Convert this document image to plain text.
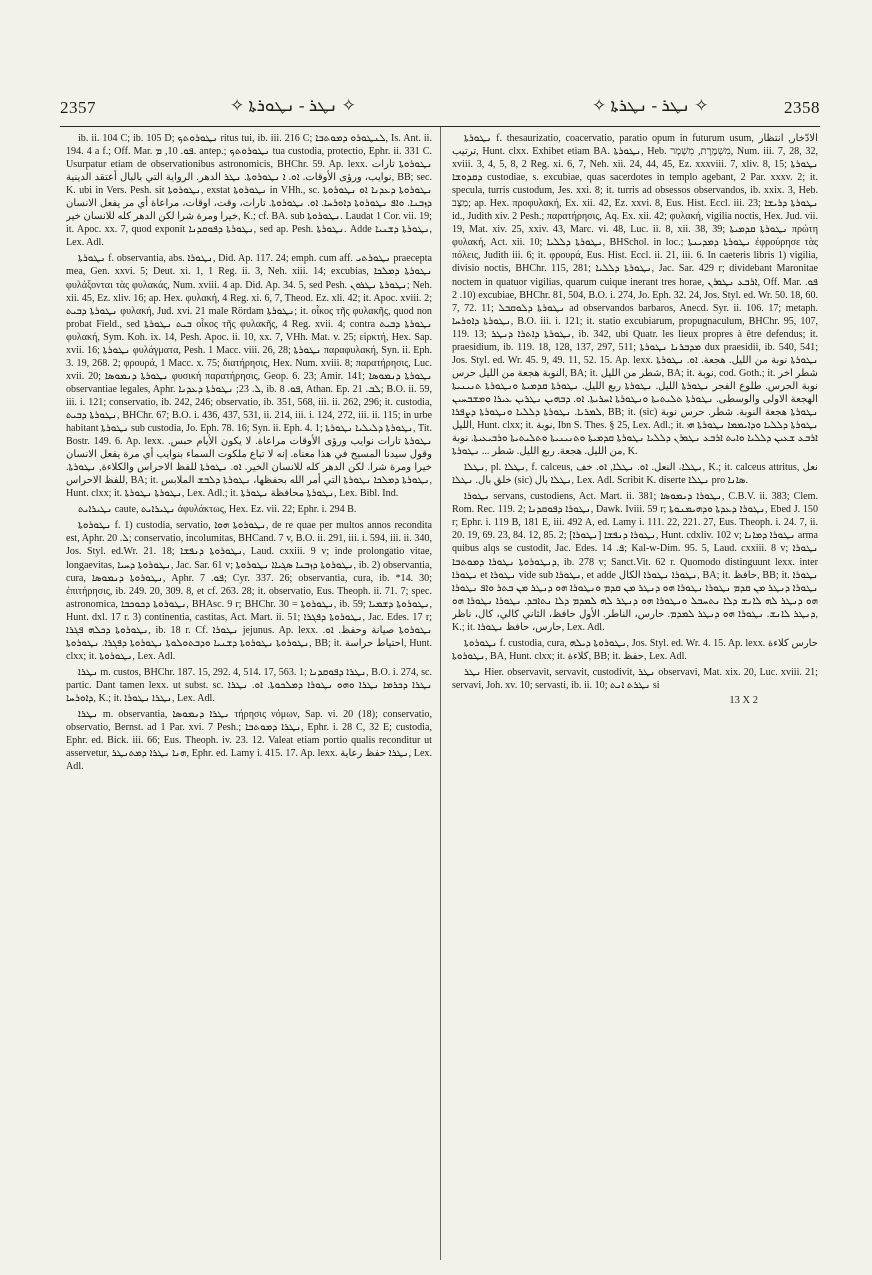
2357	✧ ܢܛܪ ‐ ܢܛܘܪܬܐ ✧	✧ ܢܛܪ ‐ ܢܛܪܬܐ ✧	2358

ib. ii. 104 C; ib. 105 D; ܢܛܘܪܘܬܟ ritus tui, ib. iii. 216 C; ܠܢܛܘܪܘ ܕܡܘܬܒܐ, Is. Ant. ii. 194. 4 a f.; Off. Mar. ܦܘ. 10, ܡ. antep.; ܢܛܘܪܘܬܟ tua custodia, protectio, Ephr. ii. 331 C. Usurpatur etiam de observationibus astronomicis, BHChr. 59. Ap. lexx. ܢܛܘܪܘܬܐ تارات نوايب، ورؤى الأوقات. ܐܘ. ܐ ܢܛܘܪܘܬܐ. ܢܛܪ الدهر. الرواية التي بالبال أعتقد الدينية, BB; sec. K. ubi in Vers. Pesh. sit ܢܛܘܪܘܬܐ, exstat ܢܛܘܪܘܬܐ in VHh., sc. ܢܛܘܪܘܬܐ ܕܥܕܢܐ ܐܘ ܢܛܘܪܘܬܐ ܕܙܒܢܐ. ܘܐܦ ܢܛܘܪܘܬܐ ܕܐܘܪܚܐ. ܐܘ. ܢܛܘܪܘܬܐ. تارات، وقت، اوقات، مراعاة أي مر يفعل الانسان خيرا ومرة شرا لكن الدهر كله للانسان خير, K.; cf. BA. sub ܢܛܘܪܘܬܐ. Laudat 1 Cor. vii. 19; it. Apoc. xx. 7, quod exponit ܢܛܘܪܬܐ ܕܦܘܩܕܢܐ, sed ap. Pesh. ܢܛܘܪܬܐ. Adde ܢܛܘܪܬܐ ܕܫܢܝܐ, Lex. Adl.

ܢܛܘܪܬܐ f. observantia, abs. ܢܛܘܪܐ, Did. Ap. 117. 24; emph. cum aff. ܢܛܘܪܬܝ praecepta mea, Gen. xxvi. 5; Deut. xi. 1, 1 Reg. ii. 3, Neh. xiii. 14; excubias, ܢܛܘܪܬܐ ܕܡܠܟܐ φυλάξονται τὰς φυλακάς, Num. xviii. 4 ap. Did. Ap. 34. 5, sed Pesh. ܢܛܘܪܬܐ ܢܛܪܘܢ; Neh. xii. 45, Ez. xliv. 16; ap. Hex. φυλακή, 4 Reg. xi. 6, 7, Theod. Ez. xli. 42; it. Apoc. xviii. 2; ܢܛܘܪܬܐ ܕܒܝܬ φυλακή, Jud. xvi. 21 male Rördam ܢܛܘܪܬܐ; it. οἶκος τῆς φυλακῆς, quod non probat Field., sed ܒܝܬ ܢܛܘܪܬܐ οἶκος τῆς φυλακῆς, 4 Reg. xvii. 4; contra ܢܛܘܪܬܐ ܕܒܝܬ φυλακή, Sym. Koh. ix. 14, Pesh. Apoc. ii. 10, xx. 7, VHh. Mat. v. 25; εἱρκτή, Hex. Sap. xvii. 16; ܢܛܘܪܬܐ φυλάγματα, Pesh. 1 Macc. viii. 26, 28; ܢܛܘܪܬܐ παραφυλακή, Syn. ii. Eph. 3. 19, 268. 2; φρουρά, 1 Macc. x. 75; διατήρησις, Hex. Num. xviii. 8; παρατήρησις, Luc. xvii. 20; ܢܛܘܪܬܐ ܕܢܡܘܣܐ φυσική παρατήρησις, Geop. 6. 23; Amir. 141; ܢܛܘܪܬܐ ܕܢܡܘܣܐ observantiae legales, Aphr. ܠ. 23; ܢܛܘܪܬܐ ܕܥܕܢܐ, ib. ܦܘ. 8, Athan. Ep. ܠܒ. 21; B.O. ii. 59, iii. i. 121; conservatio, ib. 242, 246; observatio, ib. 351, 568, iii. ii. 262, 296; it. custodia, ܢܛܘܪܬܐ ܕܒܝܬ, BHChr. 67; B.O. i. 436, 437, 531, ii. 214, iii. i. 124, 272, iii. ii. 115; in urbe habitant ܢܛܘܪܬܐ sub custodia, Jo. Eph. 78. 16; Syn. ii. Eph. 4. 1; ܢܛܘܪܬܐ ܕܠܝܠܝܐ ܢܛܘܪܬܐ, Tit. Bostr. 149. 6. Ap. lexx. ܢܛܘܪܬܐ تارات نوايب ورؤى الأوقات مراعاة. لا يكون الأيام حبس. وقول سيدنا المسيح في هذا معناه. إنه لا تباع ملكوت السماء بنوايب أي مرة يفعل الانسان خيرا ومرة شرا. لكن الدهر كله للانسان الخير. ܐܘ. ܢܛܘܪܬܐ للفظ الاحراس والكلاءة, ܢܛܘܪܬܐ. للفظ الاحراس, BA; it. ܢܛܘܪܬܐ ܕܡܠܟܐ ܢܛܘܪܬܐ التي أمر الله بحفظها، ܢܛܘܪܬܐ ܕܠܒܫ الملابس, Hunt. clxx; it. ܢܛܘܪܬܐ ܢܛܘܪܬܐ, Lex. Adl.; it. ܢܛܘܪܬܐ محافظة ܢܛܘܪܬܐ, Lex. Bibl. Ind.

ܢܛܝܪܐܝܬ caute, ܢܛܝܪܐܝܬ ἀφυλάκτως, Hex. Ez. vii. 22; Ephr. i. 294 B.

ܢܛܘܪܘܬܐ f. 1) custodia, servatio, ܢܛܘܪܘܬܐ ܗܘܐ, de re quae per multos annos recondita est, Aphr. ܠ. 20; conservatio, incolumitas, BHCand. 7 v, B.O. ii. 291, iii. i. 594, iii. ii. 340, Jos. Styl. ed.Wr. 21. 18; ܢܛܘܪܘܬܐ ܕܢܦܫܐ, Laud. cxxiii. 9 v; inde prolongatio vitae, longaevitas, ܢܛܘܪܘܬܐ ܕܚܝܐ, Jac. Sar. 61 v; ܢܛܘܪܘܬܐ ܕܙܒܢܐ ܣܓܝܐܐ ܢܛܘܪܘܬܐ, ib. 2) observantia, cura, ܢܛܘܪܘܬܐ ܕܢܡܘܣܐ, Aphr. ܦܘ. 7; Cyr. 337. 26; observantia, cura, ib. *14. 30; ἐπιτήρησις, ib. 249. 20, 309. 8, et cf. 263. 28; it. observatio, Eus. Theoph. ii. 71. 7; spec. astronomica, ܢܛܘܪܘܬܐ ܕܟܘܟܒܐ, BHAsc. 9 r; BHChr. 30 = ܢܛܘܪܘܬܐ, ib. 59; ܢܛܘܪܘܬܐ ܕܫܡܝܐ, Hunt. dxl. 17 r. 3) continentia, castitas, Act. Mart. ii. 51; ܢܛܘܪܘܬܐ ܕܦܓܪܐ, Jac. Edes. 17 r; ܢܛܘܪܘܬܐ ܕܟܠܗ ܦܓܪܐ, ib. 18 r. Cf. ܢܛܘܪܐ jejunus. Ap. lexx. ܢܛܘܪܘܬܐ صيانة وحفظ. ܐܘ. ܢܛܘܪܘܬܐ ܢܛܘܪܘܬܐ ܕܫܢܝܐ ܘܕܒܬܘܠܘܬܐ ܢܛܘܪܘܬܐ ܕܦܓܪܐ. ܢܛܘܪܘܬܐ, BB; it. احتياط حراسة, Hunt. clxx; it. ܢܛܘܪܘܬܐ, Lex. Adl.

ܢܛܪܐ m. custos, BHChr. 187. 15, 292. 4, 514. 17, 563. 1; ܢܛܪܐ ܕܦܘܩܕܢܐ, B.O. i. 274, sc. partic. Dant tamen lexx. ut subst. sc. ܢܛܪܐ ܕܟܪܡܐ ܢܛܪܐ ܘܗܘ ܢܛܘܪܐ ܕܡܠܟܘܬܐ. ܐܘ. ܢܛܪܐ ܕܐܘܪܚܐ, K.; it. ܢܛܪܐ ܢܛܘܪܐ, Lex. Adl.

ܢܛܪܐ m. observantia, ܢܛܪܐ ܕܢܡܘܣܐ τήρησις νόμων, Sap. vi. 20 (18); conservatio, observatio, Bernst. ad 1 Par. xvi. 7 Pesh.; ܢܛܪܐ ܕܡܘܬܒܐ, Ephr. i. 28 C, 32 E; custodia, Ephr. ed. Bick. iii. 66; Eus. Theoph. iv. 23. 12. Valeat etiam portio qualis reconditur ut asservetur, ܗܢܐ ܢܛܪܐ ܕܡܬܢܛܪ, Ephr. ed. Lamy i. 415. 17. Ap. lexx. ܢܛܪܐ حفظ رعاية, Lex. Adl.

ܢܛܘܪܬܐ f. thesaurizatio, coacervatio, paratio opum in futurum usum, الادّخار, انتظار ترتيب, Hunt. clxx. Exhibet etiam BA. ܢܛܘܪܬܐ, Heb. מִשְׁמֶרֶת, מִשְׁמָר, Num. iii. 7, 28, 32, xviii. 3, 4, 5, 8, 2 Reg. xi. 6, 7, Neh. xii. 24, 44, 45, Ez. xxxviii. 7, xliv. 8, 15; ܢܛܘܪܬܐ ܕܩܕܘܫܐ custodiae, s. excubiae, quas sacerdotes in templo agebant, 2 Par. xxxv. 2; it. specula, turris custodum, Jes. xxi. 8; it. turris ad obsessos observandos, ib. xxix. 3, Heb. מַצָּב; ap. Hex. προφυλακή, Ex. xii. 42, Ez. xxvi. 8, Eus. Hist. Eccl. iii. 23; ܢܛܘܪܬܐ ܕܪܝܫܐ id., Judith xiv. 2 Pesh.; παρατήρησις, Aq. Ex. xii. 42; φυλακή, vigilia noctis, Hex. Jud. vii. 19, Mat. xiv. 25, xxiv. 43, Marc. vi. 48, Luc. ii. 8, xii. 38, 39; ܢܛܘܪܬܐ ܩܕܡܝܬܐ πρώτη φυλακή, Act. xii. 10; ܢܛܘܪܬܐ ܕܠܠܝܐ, BHSchol. in loc.; ܢܛܘܪܬܐ ܕܡܕܝܢܬܐ ἐφρούρησε τὰς πόλεις, Judith iii. 6; it. φρουρά, Eus. Hist. Eccl. ii. 21, iii. 6. In caeteris libris 1) vigilia, divisio noctis, BHChr. 115, 281; ܢܛܘܪܬܐ ܕܠܠܝܐ, Jac. Sar. 429 r; dividebant Maronitae noctem in quatuor vigilias, quarum cuique inerant tres horae, ܐܪܒܥ ܢܛܘܪܢ, Off. Mar. ܦܘ. 10. 2) excubiae, BHChr. 81, 504, B.O. i. 274, Jo. Eph. 32. 24, Jos. Styl. ed. Wr. 50. 18, 60. 7, 72. 11; ܢܛܘܪܬܐ ܕܠܘܩܒܠ ad observandos barbaros, Anecd. Syr. ii. 106. 17; metaph. ܢܛܘܪܬܐ ܕܐܘܪܚܐ, B.O. iii. i. 121; it. statio excubiarum, propugnaculum, BHChr. 95, 107, 119. 13; ܢܛܘܪܬܐ ܕܐܬܪܐ ܕܢܛܪ, ib. 342, ubi Quatr. les lieux propres à être defendus; it. praesidium, ib. 119. 18, 128, 137, 297, 511; ܡܕܒܪܢܐ ܢܛܘܪܬܐ dux praesidii, ib. 540, 541; Jos. Styl. ed. Wr. 45. 9, 49. 11, 52. 15. Ap. lexx. ܢܛܘܪܬܐ نوبة من الليل. هجعة. ܐܘ. ܢܛܘܪܬܐ النوبة هجعة من الليل حرس, BA; it. شطر من الليل, BA; it. نوبة, cod. Goth.; it. شطر اخر نوبة الحرس. طلوع الفجر ܢܛܘܪܬܐ الليل. ܢܛܘܪܬܐ ربع الليل. ܢܛܘܪܬܐ ܩܕܡܝܬܐ ܘܢܛܘܪܬܐ ܬܢܝܢܝܬܐ الهجعة الاولى والوسطى. ܢܛܘܪܬܐ ܬܠܝܬܝܬܐ ܘܢܛܘܪܬܐ ܐܚܪܝܬܐ. ܐܘ. ܕܒܗܝܢ ܢܛܪܝܢ ܥܝܪܐ ܘܡܫܒܚܝܢ ܠܡܪܝܐ. ܢܛܘܪܬܐ ܕܠܠܝܐ ܘܢܛܘܪܬܐ ܕܨܦܪܐ, BB; it. (sic) ܢܛܘܪܬܐ هجعة النوبة. شطر. حرس نوبة الليل, Hunt. clxx; it. نوبة, Ibn S. Thes. § 25, Lex. Adl.; it. ܢܛܘܪܬܐ ܕܠܠܝܐ ܘܕܐܝܡܡܐ ܢܛܘܪܬܐ ܗܝ ܐܪܒܥ ܫܥܝܢ ܕܠܠܝܐ ܘܐܝܬ ܐܪܒܥ ܢܛܘܪܢ ܕܠܠܝܐ ܢܛܘܪܬܐ ܩܕܡܝܬܐ ܘܬܢܝܢܝܬܐ ܘܬܠܝܬܝܬܐ ܘܪܒܝܥܝܬܐ. نوبة من الليل. هجعة. ربع الليل. شطر ... ܢܛܘܪܬܐ, K.

ܢܛܠܐ, pl. ܢܛܠܐ, f. calceus, ܢܛܠܐ، النعل. ܐܘ. ܢܛܠܐ, ܐܘ. خف, K.; it. calceus attritus, نعل خلق بال. ܢܛܠܐ (sic) ܢܛܠܐ بال, Lex. Adl. Scribit K. diserte ܢܛܠܐ pro ܣܐܢܐ.

ܢܛܘܪܐ servans, custodiens, Act. Mart. ii. 381; ܢܛܘܪܐ ܕܢܡܘܣܐ, C.B.V. ii. 383; Clem. Rom. Rec. 119. 2; ܢܛܘܪܐ ܕܦܘܩܕܢܐ, Dawk. Iviii. 59 r; ܢܛܘܪܐ ܕܥܕܬܐ ܘܕܗܝܡܢܘܬܐ, Ebed J. 150 r; Ephr. i. 119 B, 181 E, iii. 492 A, ed. Lamy i. 111. 22, 221. 27, Eus. Theoph. i. 24. 7, ii. 20. 19, 69. 23, 84. 12, 85. 2; ܢܛܘܪܐ ܕܢܦܫܐ [ܢܛܘܪܐ], Hunt. cdxliv. 102 v; ܢܛܘܪܐ ܕܡܐܢܐ arma quibus alqs se custodit, Jac. Edes. ܦ. 14; Kal-w-Dim. 95. 5, Laud. cxxiii. 8 v; ܢܛܘܪܐ ܕܢܛܘܪܘܬܐ ܢܛܘܪܐ ܕܡܘܬܒܐ, ib. 278 v; Sanct.Vit. 62 r. Quomodo distinguunt lexx. inter ܢܛܘܪܐ et ܢܛܘܪܐ vide sub ܢܛܘܪܐ, et adde ܢܛܘܪܐ ܢܛܘܪܐ الكال, BA; it. حافظ, BB; it. ܢܛܘܪܐ ܢܛܘܪܐ ܕܢܛܪ ܡܢ ܩܕܡ ܢܛܘܪܐ ܢܛܘܪܐ ܗܘ ܕܢܛܪ ܡܢ ܩܕܡ ܘܢܛܘܪܐ ܗܘ ܕܢܛܪ ܡܢ ܒܬܪ ܘܐܦ ܢܛܘܪܐ ܗܘ ܕܢܛܪ ܠܗ ܠܐܢܫ ܕܠܐ ܢܬܚܒܠ ܘܢܛܘܪܐ ܗܘ ܕܢܛܪ ܠܗ ܠܡܕܡ ܕܠܐ ܢܬܐܒܕ. ܢܛܘܪܐ ܢܛܘܪܐ ܗܘ ܕܢܛܪ ܠܐܢܫ. ܢܛܘܪܐ ܗܘ ܕܢܛܪ ܠܡܕܡ. حارس، الناطر. الأول حافظ، الثاني كالي، كال، ناظر, K.; it. حارس، حافظ ܢܛܘܪܐ, Lex. Adl.

ܢܛܘܪܘܬܐ f. custodia, cura, ܢܛܘܪܘܬܐ ܕܝܠܗ, Jos. Styl. ed. Wr. 4. 15. Ap. lexx. حارس كلاءة ܢܛܘܪܘܬܐ, BA, Hunt. clxx; it. كلاءة, BB; it. حفظ, Lex. Adl.

ܢܛܪ Hier. observavit, servavit, custodivit, ܢܛܪ observavi, Mat. xix. 20, Luc. xviii. 21; servavi, Joh. xv. 10; servasti, ib. ii. 10; ܢܛܪܬ ܐܢܬ si

13 X 2
